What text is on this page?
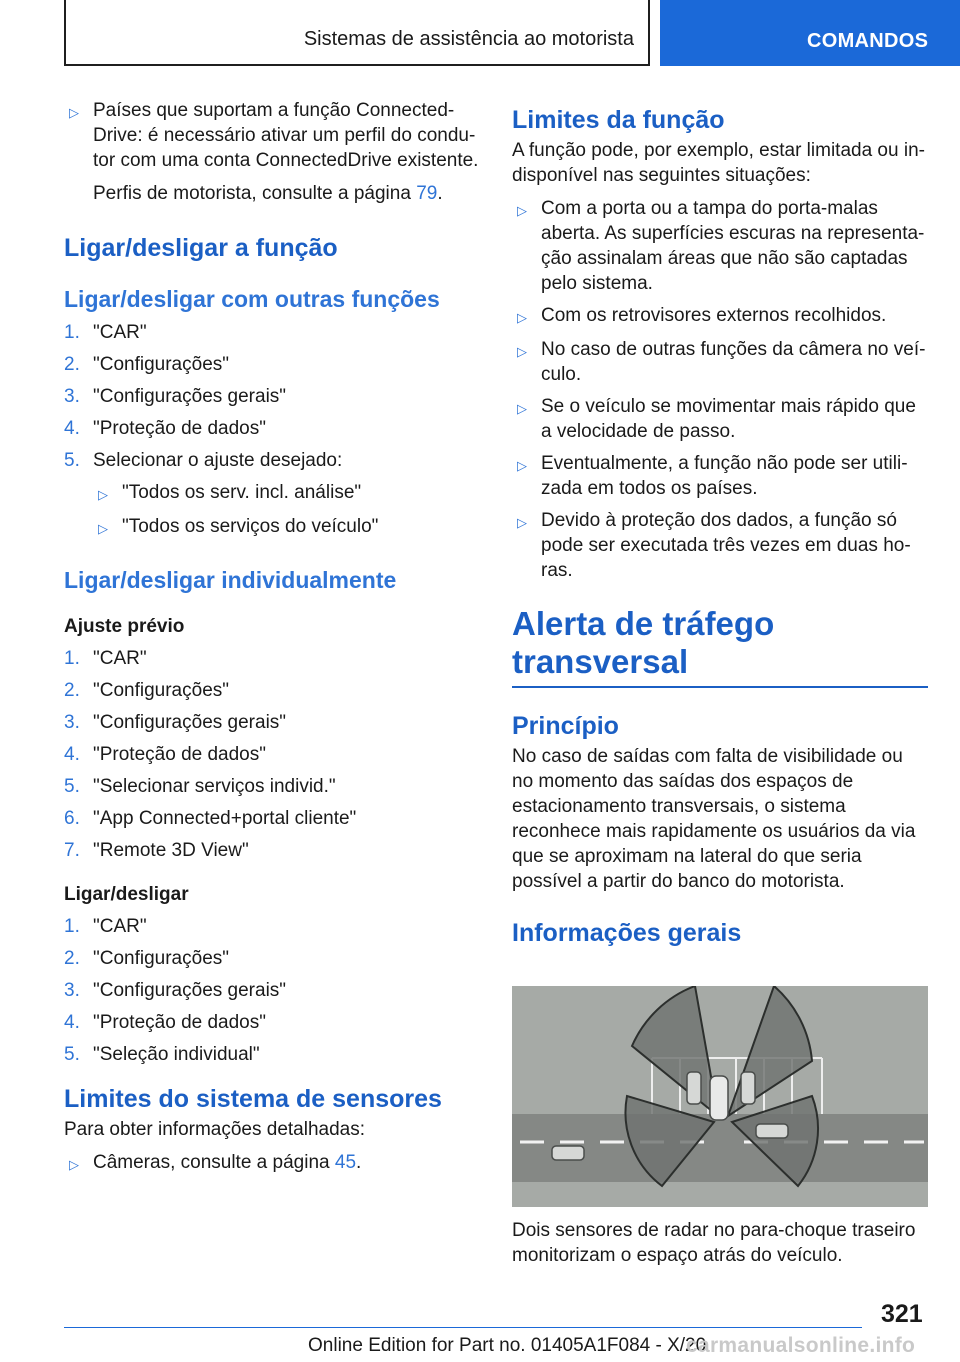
Sistemas de assistência ao motorista	COMANDOS
▷ Países que suportam a função ConnectedDrive: é necessário ativar um perfil do condutor com uma conta ConnectedDrive existente.
Perfis de motorista, consulte a página 79.
Ligar/desligar a função
Ligar/desligar com outras funções
1. "CAR"
2. "Configurações"
3. "Configurações gerais"
4. "Proteção de dados"
5. Selecionar o ajuste desejado:
▷ "Todos os serv. incl. análise"
▷ "Todos os serviços do veículo"
Ligar/desligar individualmente
Ajuste prévio
1. "CAR"
2. "Configurações"
3. "Configurações gerais"
4. "Proteção de dados"
5. "Selecionar serviços individ."
6. "App Connected+portal cliente"
7. "Remote 3D View"
Ligar/desligar
1. "CAR"
2. "Configurações"
3. "Configurações gerais"
4. "Proteção de dados"
5. "Seleção individual"
Limites do sistema de sensores

Para obter informações detalhadas:

▷ Câmeras, consulte a página 45.
Limites da função

A função pode, por exemplo, estar limitada ou indisponível nas seguintes situações:

▷ Com a porta ou a tampa do porta-malas aberta. As superfícies escuras na representação assinalam áreas que não são captadas pelo sistema.
▷ Com os retrovisores externos recolhidos.
▷ No caso de outras funções da câmera no veículo.
▷ Se o veículo se movimentar mais rápido que a velocidade de passo.
▷ Eventualmente, a função não pode ser utilizada em todos os países.
▷ Devido à proteção dos dados, a função só pode ser executada três vezes em duas horas.
Alerta de tráfego
transversal
Princípio

No caso de saídas com falta de visibilidade ou no momento das saídas dos espaços de estacionamento transversais, o sistema reconhece mais rapidamente os usuários da via que se aproximam na lateral do que seria possível a partir do banco do motorista.

Informações gerais

Dois sensores de radar no para-choque traseiro monitorizam o espaço atrás do veículo.

321
Online Edition for Part no. 01405A1F084 - X/20
carmanualsonline.info
